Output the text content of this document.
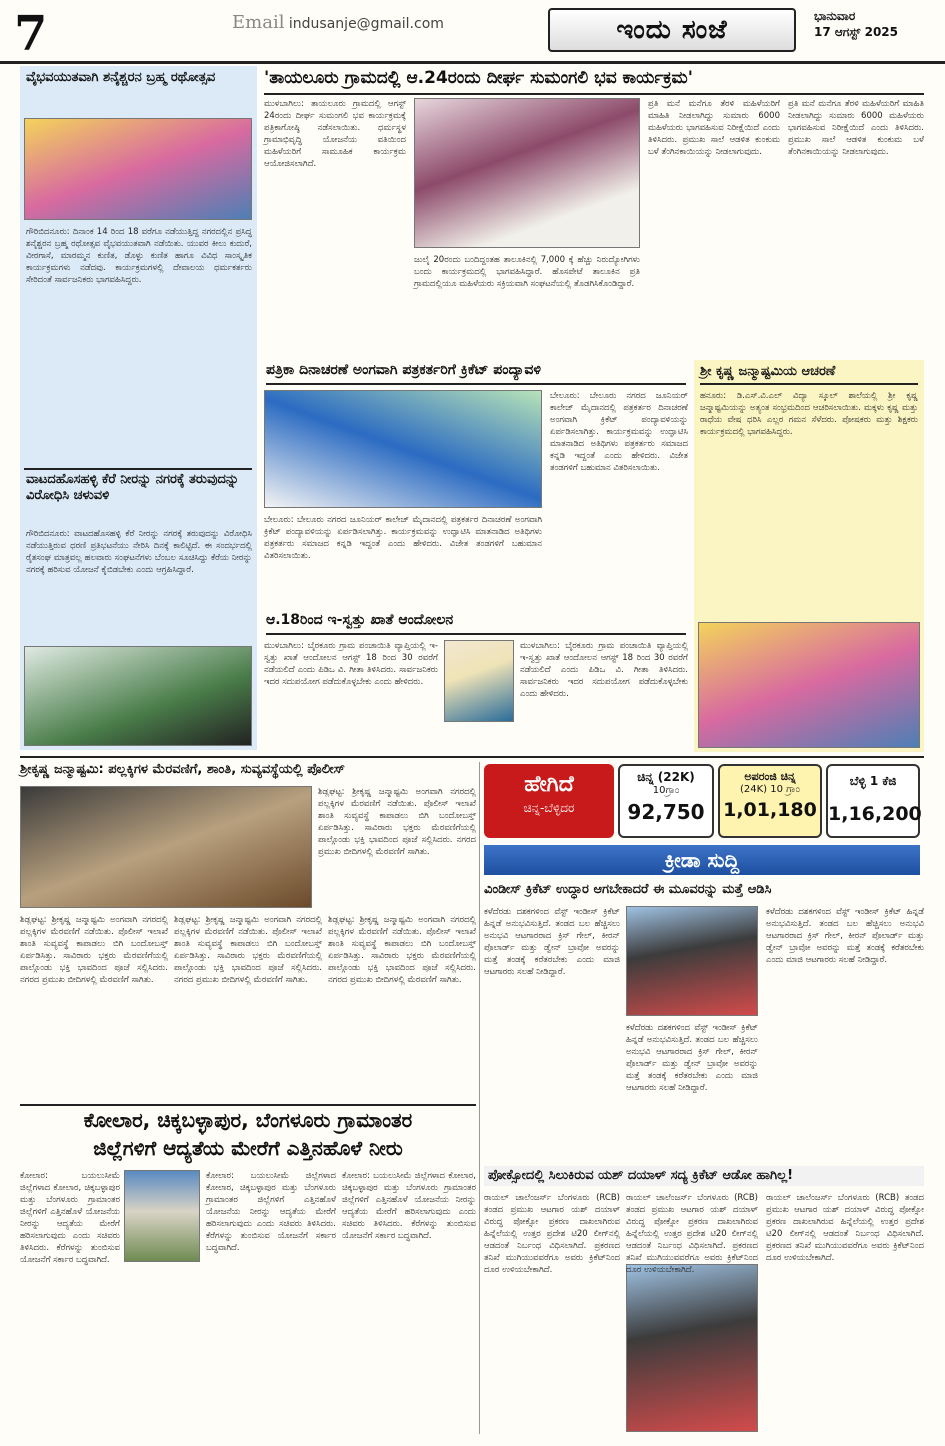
7	Email indusanje@gmail.com	ಇಂದು ಸಂಜೆ	ಭಾನುವಾರ
17 ಆಗಸ್ಟ್ 2025
ವೈಭವಯುತವಾಗಿ ಶನೈಶ್ಚರನ ಬ್ರಹ್ಮ ರಥೋತ್ಸವ
ಗೌರಿಬಿದನೂರು: ದಿನಾಂಕ 14 ರಿಂದ 18 ವರೆಗೂ ನಡೆಯುತ್ತಿದ್ದ ನಗರದಲ್ಲಿನ ಪ್ರಸಿದ್ಧ ಶನೈಶ್ಚರನ ಬ್ರಹ್ಮ ರಥೋತ್ಸವ ವೈಭವಯುತವಾಗಿ ನಡೆಯಿತು. ಯುವರ ಕೀಲು ಕುದುರೆ, ವೀರಗಾಸೆ, ಮಾರಮ್ಮನ ಕುಣಿತ, ಡೊಳ್ಳು ಕುಣಿತ ಹಾಗೂ ವಿವಿಧ ಸಾಂಸ್ಕೃತಿಕ ಕಾರ್ಯಕ್ರಮಗಳು ನಡೆದವು. ಕಾರ್ಯಕ್ರಮಗಳಲ್ಲಿ ದೇವಾಲಯ ಧರ್ಮಕರ್ತರು ಸೇರಿದಂತೆ ಸಾರ್ವಜನಿಕರು ಭಾಗವಹಿಸಿದ್ದರು.
ವಾಟದಹೊಸಹಳ್ಳಿ ಕೆರೆ ನೀರನ್ನು ನಗರಕ್ಕೆ ತರುವುದನ್ನು ವಿರೋಧಿಸಿ ಚಳುವಳಿ
ಗೌರಿಬಿದನೂರು: ವಾಟದಹೊಸಹಳ್ಳಿ ಕೆರೆ ನೀರನ್ನು ನಗರಕ್ಕೆ ತರುವುದನ್ನು ವಿರೋಧಿಸಿ ನಡೆಯುತ್ತಿರುವ ಧರಣಿ ಪ್ರತಿಭಟನೆಯು ನೇರಿಸಿ ದಿನಕ್ಕೆ ಕಾಲಿಟ್ಟಿದೆ. ಈ ಸಂದರ್ಭದಲ್ಲಿ ರೈತಸಂಘ ಮಾತ್ರವಲ್ಲ ಹಲವಾರು ಸಂಘಟನೆಗಳು ಬೆಂಬಲ ಸೂಚಿಸಿದ್ದು ಕೆರೆಯ ನೀರನ್ನು ನಗರಕ್ಕೆ ಹರಿಸುವ ಯೋಜನೆ ಕೈಬಿಡಬೇಕು ಎಂದು ಆಗ್ರಹಿಸಿದ್ದಾರೆ.
'ತಾಯಲೂರು ಗ್ರಾಮದಲ್ಲಿ ಆ.24ರಂದು ದೀರ್ಘ ಸುಮಂಗಲಿ ಭವ ಕಾರ್ಯಕ್ರಮ'
ಮುಳಬಾಗಿಲು: ತಾಯಲೂರು ಗ್ರಾಮದಲ್ಲಿ ಆಗಸ್ಟ್ 24ರಂದು ದೀರ್ಘ ಸುಮಂಗಲಿ ಭವ ಕಾರ್ಯಕ್ರಮಕ್ಕೆ ಪತ್ರಿಕಾಗೋಷ್ಠಿ ನಡೆಸಲಾಯಿತು. ಧರ್ಮಸ್ಥಳ ಗ್ರಾಮಾಭಿವೃದ್ಧಿ ಯೋಜನೆಯ ವತಿಯಿಂದ ಮಹಿಳೆಯರಿಗೆ ಸಾಮೂಹಿಕ ಕಾರ್ಯಕ್ರಮ ಆಯೋಜಿಸಲಾಗಿದೆ.
ಜುಲೈ 20ರಂದು ಬಂದಿದ್ದಂತಹ ತಾಲೂಕಿನಲ್ಲಿ 7,000 ಕ್ಕೆ ಹೆಚ್ಚು ನಿರುದ್ಯೋಗಿಗಳು ಬಂದು ಕಾರ್ಯಕ್ರಮದಲ್ಲಿ ಭಾಗವಹಿಸಿದ್ದಾರೆ. ಹೊಸಪೇಟೆ ತಾಲೂಕಿನ ಪ್ರತಿ ಗ್ರಾಮದಲ್ಲಿಯೂ ಮಹಿಳೆಯರು ಸಕ್ರಿಯವಾಗಿ ಸಂಘಟನೆಯಲ್ಲಿ ತೊಡಗಿಸಿಕೊಂಡಿದ್ದಾರೆ.
ಪ್ರತಿ ಮನೆ ಮನೆಗೂ ತೆರಳಿ ಮಹಿಳೆಯರಿಗೆ ಮಾಹಿತಿ ನೀಡಲಾಗಿದ್ದು ಸುಮಾರು 6000 ಮಹಿಳೆಯರು ಭಾಗವಹಿಸುವ ನಿರೀಕ್ಷೆಯಿದೆ ಎಂದು ತಿಳಿಸಿದರು. ಪ್ರಮುಖ ಸಾಲೆ ಆಡಳಿತ ಕುಂಕುಮ ಬಳೆ ತೆಂಗಿನಕಾಯಿಯನ್ನು ನೀಡಲಾಗುವುದು.
ಪ್ರತಿ ಮನೆ ಮನೆಗೂ ತೆರಳಿ ಮಹಿಳೆಯರಿಗೆ ಮಾಹಿತಿ ನೀಡಲಾಗಿದ್ದು ಸುಮಾರು 6000 ಮಹಿಳೆಯರು ಭಾಗವಹಿಸುವ ನಿರೀಕ್ಷೆಯಿದೆ ಎಂದು ತಿಳಿಸಿದರು. ಪ್ರಮುಖ ಸಾಲೆ ಆಡಳಿತ ಕುಂಕುಮ ಬಳೆ ತೆಂಗಿನಕಾಯಿಯನ್ನು ನೀಡಲಾಗುವುದು.
ಪತ್ರಿಕಾ ದಿನಾಚರಣೆ ಅಂಗವಾಗಿ ಪತ್ರಕರ್ತರಿಗೆ ಕ್ರಿಕೆಟ್ ಪಂದ್ಯಾವಳಿ
ಬೇಲೂರು: ಬೇಲೂರು ನಗರದ ಜೂನಿಯರ್ ಕಾಲೇಜ್ ಮೈದಾನದಲ್ಲಿ ಪತ್ರಕರ್ತರ ದಿನಾಚರಣೆ ಅಂಗವಾಗಿ ಕ್ರಿಕೆಟ್ ಪಂದ್ಯಾವಳಿಯನ್ನು ಏರ್ಪಡಿಸಲಾಗಿತ್ತು. ಕಾರ್ಯಕ್ರಮವನ್ನು ಉದ್ಘಾಟಿಸಿ ಮಾತನಾಡಿದ ಅತಿಥಿಗಳು ಪತ್ರಕರ್ತರು ಸಮಾಜದ ಕನ್ನಡಿ ಇದ್ದಂತೆ ಎಂದು ಹೇಳಿದರು. ವಿಜೇತ ತಂಡಗಳಿಗೆ ಬಹುಮಾನ ವಿತರಿಸಲಾಯಿತು.
ಬೇಲೂರು: ಬೇಲೂರು ನಗರದ ಜೂನಿಯರ್ ಕಾಲೇಜ್ ಮೈದಾನದಲ್ಲಿ ಪತ್ರಕರ್ತರ ದಿನಾಚರಣೆ ಅಂಗವಾಗಿ ಕ್ರಿಕೆಟ್ ಪಂದ್ಯಾವಳಿಯನ್ನು ಏರ್ಪಡಿಸಲಾಗಿತ್ತು. ಕಾರ್ಯಕ್ರಮವನ್ನು ಉದ್ಘಾಟಿಸಿ ಮಾತನಾಡಿದ ಅತಿಥಿಗಳು ಪತ್ರಕರ್ತರು ಸಮಾಜದ ಕನ್ನಡಿ ಇದ್ದಂತೆ ಎಂದು ಹೇಳಿದರು. ವಿಜೇತ ತಂಡಗಳಿಗೆ ಬಹುಮಾನ ವಿತರಿಸಲಾಯಿತು.
ಆ.18ರಿಂದ ಇ-ಸ್ವತ್ತು ಖಾತೆ ಆಂದೋಲನ
ಮುಳಬಾಗಿಲು: ಬೈರಕೂರು ಗ್ರಾಮ ಪಂಚಾಯಿತಿ ವ್ಯಾಪ್ತಿಯಲ್ಲಿ ಇ-ಸ್ವತ್ತು ಖಾತೆ ಆಂದೋಲನ ಆಗಸ್ಟ್ 18 ರಿಂದ 30 ರವರೆಗೆ ನಡೆಯಲಿದೆ ಎಂದು ಪಿಡಿಒ ವಿ. ಗೀತಾ ತಿಳಿಸಿದರು. ಸಾರ್ವಜನಿಕರು ಇದರ ಸದುಪಯೋಗ ಪಡೆದುಕೊಳ್ಳಬೇಕು ಎಂದು ಹೇಳಿದರು.
ಮುಳಬಾಗಿಲು: ಬೈರಕೂರು ಗ್ರಾಮ ಪಂಚಾಯಿತಿ ವ್ಯಾಪ್ತಿಯಲ್ಲಿ ಇ-ಸ್ವತ್ತು ಖಾತೆ ಆಂದೋಲನ ಆಗಸ್ಟ್ 18 ರಿಂದ 30 ರವರೆಗೆ ನಡೆಯಲಿದೆ ಎಂದು ಪಿಡಿಒ ವಿ. ಗೀತಾ ತಿಳಿಸಿದರು. ಸಾರ್ವಜನಿಕರು ಇದರ ಸದುಪಯೋಗ ಪಡೆದುಕೊಳ್ಳಬೇಕು ಎಂದು ಹೇಳಿದರು.
ಶ್ರೀ ಕೃಷ್ಣ ಜನ್ಮಾಷ್ಟಮಿಯ ಆಚರಣೆ
ಹನೂರು: ಡಿ.ಎಸ್.ವಿ.ಎಲ್ ವಿದ್ಯಾ ಸ್ಕೂಲ್ ಶಾಲೆಯಲ್ಲಿ ಶ್ರೀ ಕೃಷ್ಣ ಜನ್ಮಾಷ್ಟಮಿಯನ್ನು ಅತ್ಯಂತ ಸಂಭ್ರಮದಿಂದ ಆಚರಿಸಲಾಯಿತು. ಮಕ್ಕಳು ಕೃಷ್ಣ ಮತ್ತು ರಾಧೆಯ ವೇಷ ಧರಿಸಿ ಎಲ್ಲರ ಗಮನ ಸೆಳೆದರು. ಪೋಷಕರು ಮತ್ತು ಶಿಕ್ಷಕರು ಕಾರ್ಯಕ್ರಮದಲ್ಲಿ ಭಾಗವಹಿಸಿದ್ದರು.
ಶ್ರೀಕೃಷ್ಣ ಜನ್ಮಾಷ್ಟಮಿ: ಪಲ್ಲಕ್ಕಿಗಳ ಮೆರವಣಿಗೆ, ಶಾಂತಿ, ಸುವ್ಯವಸ್ಥೆಯಲ್ಲಿ ಪೊಲೀಸ್
ಶಿಡ್ಲಘಟ್ಟ: ಶ್ರೀಕೃಷ್ಣ ಜನ್ಮಾಷ್ಟಮಿ ಅಂಗವಾಗಿ ನಗರದಲ್ಲಿ ಪಲ್ಲಕ್ಕಿಗಳ ಮೆರವಣಿಗೆ ನಡೆಯಿತು. ಪೊಲೀಸ್ ಇಲಾಖೆ ಶಾಂತಿ ಸುವ್ಯವಸ್ಥೆ ಕಾಪಾಡಲು ಬಿಗಿ ಬಂದೋಬಸ್ತ್ ಏರ್ಪಡಿಸಿತ್ತು. ಸಾವಿರಾರು ಭಕ್ತರು ಮೆರವಣಿಗೆಯಲ್ಲಿ ಪಾಲ್ಗೊಂಡು ಭಕ್ತಿ ಭಾವದಿಂದ ಪೂಜೆ ಸಲ್ಲಿಸಿದರು. ನಗರದ ಪ್ರಮುಖ ಬೀದಿಗಳಲ್ಲಿ ಮೆರವಣಿಗೆ ಸಾಗಿತು.
ಶಿಡ್ಲಘಟ್ಟ: ಶ್ರೀಕೃಷ್ಣ ಜನ್ಮಾಷ್ಟಮಿ ಅಂಗವಾಗಿ ನಗರದಲ್ಲಿ ಪಲ್ಲಕ್ಕಿಗಳ ಮೆರವಣಿಗೆ ನಡೆಯಿತು. ಪೊಲೀಸ್ ಇಲಾಖೆ ಶಾಂತಿ ಸುವ್ಯವಸ್ಥೆ ಕಾಪಾಡಲು ಬಿಗಿ ಬಂದೋಬಸ್ತ್ ಏರ್ಪಡಿಸಿತ್ತು. ಸಾವಿರಾರು ಭಕ್ತರು ಮೆರವಣಿಗೆಯಲ್ಲಿ ಪಾಲ್ಗೊಂಡು ಭಕ್ತಿ ಭಾವದಿಂದ ಪೂಜೆ ಸಲ್ಲಿಸಿದರು. ನಗರದ ಪ್ರಮುಖ ಬೀದಿಗಳಲ್ಲಿ ಮೆರವಣಿಗೆ ಸಾಗಿತು.
ಶಿಡ್ಲಘಟ್ಟ: ಶ್ರೀಕೃಷ್ಣ ಜನ್ಮಾಷ್ಟಮಿ ಅಂಗವಾಗಿ ನಗರದಲ್ಲಿ ಪಲ್ಲಕ್ಕಿಗಳ ಮೆರವಣಿಗೆ ನಡೆಯಿತು. ಪೊಲೀಸ್ ಇಲಾಖೆ ಶಾಂತಿ ಸುವ್ಯವಸ್ಥೆ ಕಾಪಾಡಲು ಬಿಗಿ ಬಂದೋಬಸ್ತ್ ಏರ್ಪಡಿಸಿತ್ತು. ಸಾವಿರಾರು ಭಕ್ತರು ಮೆರವಣಿಗೆಯಲ್ಲಿ ಪಾಲ್ಗೊಂಡು ಭಕ್ತಿ ಭಾವದಿಂದ ಪೂಜೆ ಸಲ್ಲಿಸಿದರು. ನಗರದ ಪ್ರಮುಖ ಬೀದಿಗಳಲ್ಲಿ ಮೆರವಣಿಗೆ ಸಾಗಿತು.
ಶಿಡ್ಲಘಟ್ಟ: ಶ್ರೀಕೃಷ್ಣ ಜನ್ಮಾಷ್ಟಮಿ ಅಂಗವಾಗಿ ನಗರದಲ್ಲಿ ಪಲ್ಲಕ್ಕಿಗಳ ಮೆರವಣಿಗೆ ನಡೆಯಿತು. ಪೊಲೀಸ್ ಇಲಾಖೆ ಶಾಂತಿ ಸುವ್ಯವಸ್ಥೆ ಕಾಪಾಡಲು ಬಿಗಿ ಬಂದೋಬಸ್ತ್ ಏರ್ಪಡಿಸಿತ್ತು. ಸಾವಿರಾರು ಭಕ್ತರು ಮೆರವಣಿಗೆಯಲ್ಲಿ ಪಾಲ್ಗೊಂಡು ಭಕ್ತಿ ಭಾವದಿಂದ ಪೂಜೆ ಸಲ್ಲಿಸಿದರು. ನಗರದ ಪ್ರಮುಖ ಬೀದಿಗಳಲ್ಲಿ ಮೆರವಣಿಗೆ ಸಾಗಿತು.
ಕೋಲಾರ, ಚಿಕ್ಕಬಳ್ಳಾಪುರ, ಬೆಂಗಳೂರು ಗ್ರಾಮಾಂತರ
ಜಿಲ್ಲೆಗಳಿಗೆ ಆದ್ಯತೆಯ ಮೇರೆಗೆ ಎತ್ತಿನಹೊಳೆ ನೀರು
ಕೋಲಾರ: ಬಯಲುಸೀಮೆ ಜಿಲ್ಲೆಗಳಾದ ಕೋಲಾರ, ಚಿಕ್ಕಬಳ್ಳಾಪುರ ಮತ್ತು ಬೆಂಗಳೂರು ಗ್ರಾಮಾಂತರ ಜಿಲ್ಲೆಗಳಿಗೆ ಎತ್ತಿನಹೊಳೆ ಯೋಜನೆಯ ನೀರನ್ನು ಆದ್ಯತೆಯ ಮೇರೆಗೆ ಹರಿಸಲಾಗುವುದು ಎಂದು ಸಚಿವರು ತಿಳಿಸಿದರು. ಕೆರೆಗಳನ್ನು ತುಂಬಿಸುವ ಯೋಜನೆಗೆ ಸರ್ಕಾರ ಬದ್ಧವಾಗಿದೆ.
ಕೋಲಾರ: ಬಯಲುಸೀಮೆ ಜಿಲ್ಲೆಗಳಾದ ಕೋಲಾರ, ಚಿಕ್ಕಬಳ್ಳಾಪುರ ಮತ್ತು ಬೆಂಗಳೂರು ಗ್ರಾಮಾಂತರ ಜಿಲ್ಲೆಗಳಿಗೆ ಎತ್ತಿನಹೊಳೆ ಯೋಜನೆಯ ನೀರನ್ನು ಆದ್ಯತೆಯ ಮೇರೆಗೆ ಹರಿಸಲಾಗುವುದು ಎಂದು ಸಚಿವರು ತಿಳಿಸಿದರು. ಕೆರೆಗಳನ್ನು ತುಂಬಿಸುವ ಯೋಜನೆಗೆ ಸರ್ಕಾರ ಬದ್ಧವಾಗಿದೆ.
ಕೋಲಾರ: ಬಯಲುಸೀಮೆ ಜಿಲ್ಲೆಗಳಾದ ಕೋಲಾರ, ಚಿಕ್ಕಬಳ್ಳಾಪುರ ಮತ್ತು ಬೆಂಗಳೂರು ಗ್ರಾಮಾಂತರ ಜಿಲ್ಲೆಗಳಿಗೆ ಎತ್ತಿನಹೊಳೆ ಯೋಜನೆಯ ನೀರನ್ನು ಆದ್ಯತೆಯ ಮೇರೆಗೆ ಹರಿಸಲಾಗುವುದು ಎಂದು ಸಚಿವರು ತಿಳಿಸಿದರು. ಕೆರೆಗಳನ್ನು ತುಂಬಿಸುವ ಯೋಜನೆಗೆ ಸರ್ಕಾರ ಬದ್ಧವಾಗಿದೆ.
ಹೇಗಿದೆ
ಚಿನ್ನ-ಬೆಳ್ಳಿದರ
ಚಿನ್ನ (22K)
10ಗ್ರಾಂ
92,750
ಅಪರಂಜಿ ಚಿನ್ನ
(24K) 10 ಗ್ರಾಂ
1,01,180
ಬೆಳ್ಳಿ 1 ಕೆಜಿ
1,16,200
ಕ್ರೀಡಾ ಸುದ್ದಿ
ವಿಂಡೀಸ್ ಕ್ರಿಕೆಟ್ ಉದ್ಧಾರ ಆಗಬೇಕಾದರೆ ಈ ಮೂವರನ್ನು ಮತ್ತೆ ಆಡಿಸಿ
ಕಳೆದೆರಡು ದಶಕಗಳಿಂದ ವೆಸ್ಟ್ ಇಂಡೀಸ್ ಕ್ರಿಕೆಟ್ ಹಿನ್ನಡೆ ಅನುಭವಿಸುತ್ತಿದೆ. ತಂಡದ ಬಲ ಹೆಚ್ಚಿಸಲು ಅನುಭವಿ ಆಟಗಾರರಾದ ಕ್ರಿಸ್ ಗೇಲ್, ಕೀರನ್ ಪೊಲಾರ್ಡ್ ಮತ್ತು ಡ್ವೇನ್ ಬ್ರಾವೋ ಅವರನ್ನು ಮತ್ತೆ ತಂಡಕ್ಕೆ ಕರೆತರಬೇಕು ಎಂದು ಮಾಜಿ ಆಟಗಾರರು ಸಲಹೆ ನೀಡಿದ್ದಾರೆ.
ಕಳೆದೆರಡು ದಶಕಗಳಿಂದ ವೆಸ್ಟ್ ಇಂಡೀಸ್ ಕ್ರಿಕೆಟ್ ಹಿನ್ನಡೆ ಅನುಭವಿಸುತ್ತಿದೆ. ತಂಡದ ಬಲ ಹೆಚ್ಚಿಸಲು ಅನುಭವಿ ಆಟಗಾರರಾದ ಕ್ರಿಸ್ ಗೇಲ್, ಕೀರನ್ ಪೊಲಾರ್ಡ್ ಮತ್ತು ಡ್ವೇನ್ ಬ್ರಾವೋ ಅವರನ್ನು ಮತ್ತೆ ತಂಡಕ್ಕೆ ಕರೆತರಬೇಕು ಎಂದು ಮಾಜಿ ಆಟಗಾರರು ಸಲಹೆ ನೀಡಿದ್ದಾರೆ.
ಕಳೆದೆರಡು ದಶಕಗಳಿಂದ ವೆಸ್ಟ್ ಇಂಡೀಸ್ ಕ್ರಿಕೆಟ್ ಹಿನ್ನಡೆ ಅನುಭವಿಸುತ್ತಿದೆ. ತಂಡದ ಬಲ ಹೆಚ್ಚಿಸಲು ಅನುಭವಿ ಆಟಗಾರರಾದ ಕ್ರಿಸ್ ಗೇಲ್, ಕೀರನ್ ಪೊಲಾರ್ಡ್ ಮತ್ತು ಡ್ವೇನ್ ಬ್ರಾವೋ ಅವರನ್ನು ಮತ್ತೆ ತಂಡಕ್ಕೆ ಕರೆತರಬೇಕು ಎಂದು ಮಾಜಿ ಆಟಗಾರರು ಸಲಹೆ ನೀಡಿದ್ದಾರೆ.
ಪೋಕ್ಸೋದಲ್ಲಿ ಸಿಲುಕಿರುವ ಯಶ್ ದಯಾಳ್ ಸದ್ಯ ಕ್ರಿಕೆಟ್ ಆಡೋ ಹಾಗಿಲ್ಲ!
ರಾಯಲ್ ಚಾಲೆಂಜರ್ಸ್ ಬೆಂಗಳೂರು (RCB) ತಂಡದ ಪ್ರಮುಖ ಆಟಗಾರ ಯಶ್ ದಯಾಳ್ ವಿರುದ್ಧ ಪೋಕ್ಸೋ ಪ್ರಕರಣ ದಾಖಲಾಗಿರುವ ಹಿನ್ನೆಲೆಯಲ್ಲಿ ಉತ್ತರ ಪ್ರದೇಶ ಟಿ20 ಲೀಗ್‌ನಲ್ಲಿ ಆಡದಂತೆ ನಿರ್ಬಂಧ ವಿಧಿಸಲಾಗಿದೆ. ಪ್ರಕರಣದ ತನಿಖೆ ಮುಗಿಯುವವರೆಗೂ ಅವರು ಕ್ರಿಕೆಟ್‌ನಿಂದ ದೂರ ಉಳಿಯಬೇಕಾಗಿದೆ.
ರಾಯಲ್ ಚಾಲೆಂಜರ್ಸ್ ಬೆಂಗಳೂರು (RCB) ತಂಡದ ಪ್ರಮುಖ ಆಟಗಾರ ಯಶ್ ದಯಾಳ್ ವಿರುದ್ಧ ಪೋಕ್ಸೋ ಪ್ರಕರಣ ದಾಖಲಾಗಿರುವ ಹಿನ್ನೆಲೆಯಲ್ಲಿ ಉತ್ತರ ಪ್ರದೇಶ ಟಿ20 ಲೀಗ್‌ನಲ್ಲಿ ಆಡದಂತೆ ನಿರ್ಬಂಧ ವಿಧಿಸಲಾಗಿದೆ. ಪ್ರಕರಣದ ತನಿಖೆ ಮುಗಿಯುವವರೆಗೂ ಅವರು ಕ್ರಿಕೆಟ್‌ನಿಂದ ದೂರ ಉಳಿಯಬೇಕಾಗಿದೆ.
ರಾಯಲ್ ಚಾಲೆಂಜರ್ಸ್ ಬೆಂಗಳೂರು (RCB) ತಂಡದ ಪ್ರಮುಖ ಆಟಗಾರ ಯಶ್ ದಯಾಳ್ ವಿರುದ್ಧ ಪೋಕ್ಸೋ ಪ್ರಕರಣ ದಾಖಲಾಗಿರುವ ಹಿನ್ನೆಲೆಯಲ್ಲಿ ಉತ್ತರ ಪ್ರದೇಶ ಟಿ20 ಲೀಗ್‌ನಲ್ಲಿ ಆಡದಂತೆ ನಿರ್ಬಂಧ ವಿಧಿಸಲಾಗಿದೆ. ಪ್ರಕರಣದ ತನಿಖೆ ಮುಗಿಯುವವರೆಗೂ ಅವರು ಕ್ರಿಕೆಟ್‌ನಿಂದ ದೂರ ಉಳಿಯಬೇಕಾಗಿದೆ.
